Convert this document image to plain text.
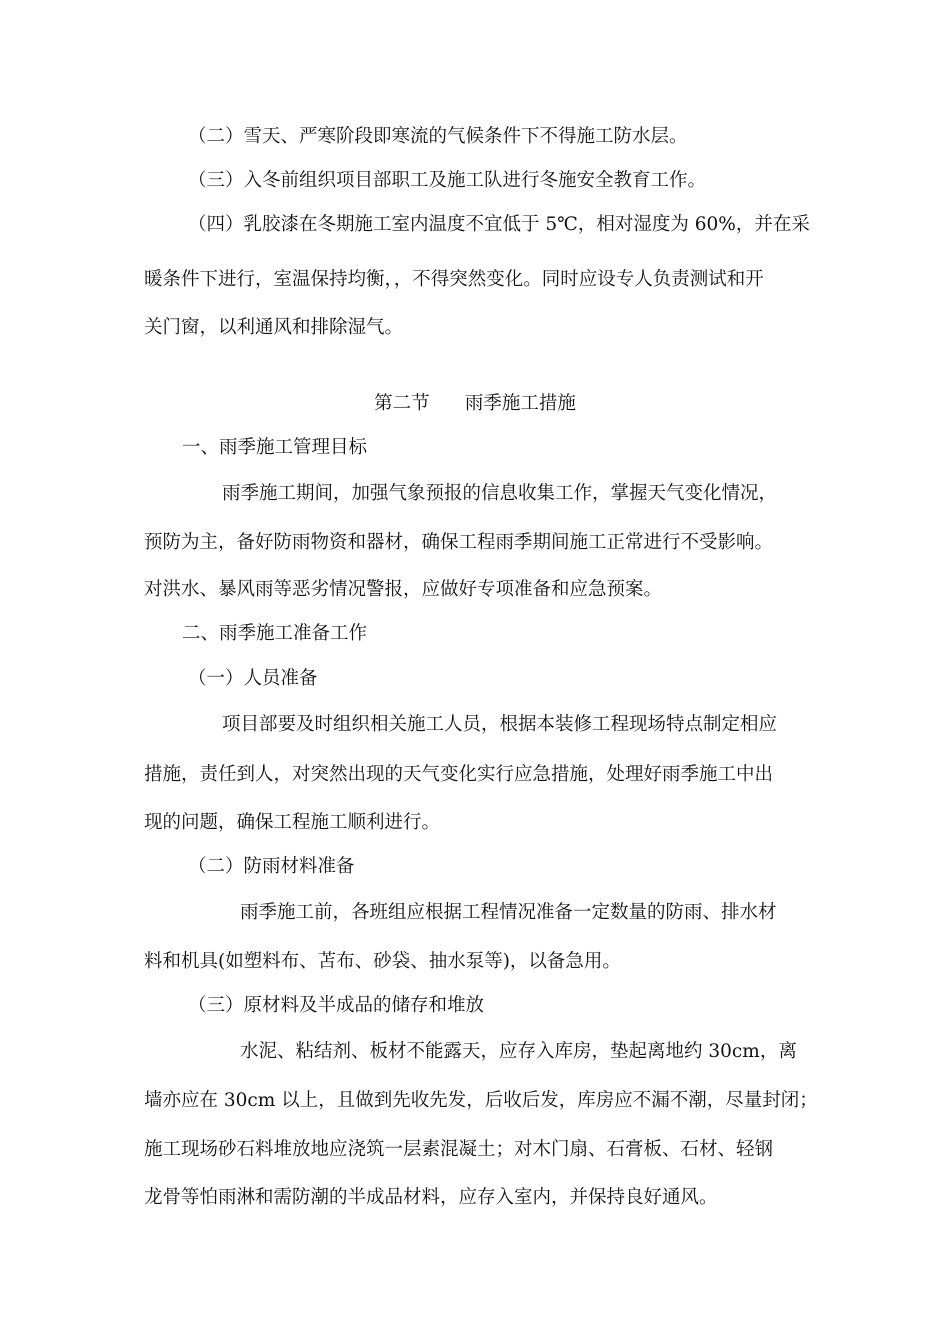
（二）雪天、严寒阶段即寒流的气候条件下不得施工防水层。
（三）入冬前组织项目部职工及施工队进行冬施安全教育工作。
（四）乳胶漆在冬期施工室内温度不宜低于 5℃，相对湿度为 60%，并在采
暖条件下进行，室温保持均衡，，不得突然变化。同时应设专人负责测试和开
关门窗，以利通风和排除湿气。
第二节      雨季施工措施
一、雨季施工管理目标
雨季施工期间，加强气象预报的信息收集工作，掌握天气变化情况，
预防为主，备好防雨物资和器材，确保工程雨季期间施工正常进行不受影响。
对洪水、暴风雨等恶劣情况警报，应做好专项准备和应急预案。
二、雨季施工准备工作
（一）人员准备
项目部要及时组织相关施工人员，根据本装修工程现场特点制定相应
措施，责任到人，对突然出现的天气变化实行应急措施，处理好雨季施工中出
现的问题，确保工程施工顺利进行。
（二）防雨材料准备
雨季施工前，各班组应根据工程情况准备一定数量的防雨、排水材
料和机具(如塑料布、苫布、砂袋、抽水泵等)，以备急用。
（三）原材料及半成品的储存和堆放
水泥、粘结剂、板材不能露天，应存入库房，垫起离地约 30cm，离
墙亦应在 30cm 以上，且做到先收先发，后收后发，库房应不漏不潮，尽量封闭；
施工现场砂石料堆放地应浇筑一层素混凝土；对木门扇、石膏板、石材、轻钢
龙骨等怕雨淋和需防潮的半成品材料，应存入室内，并保持良好通风。
